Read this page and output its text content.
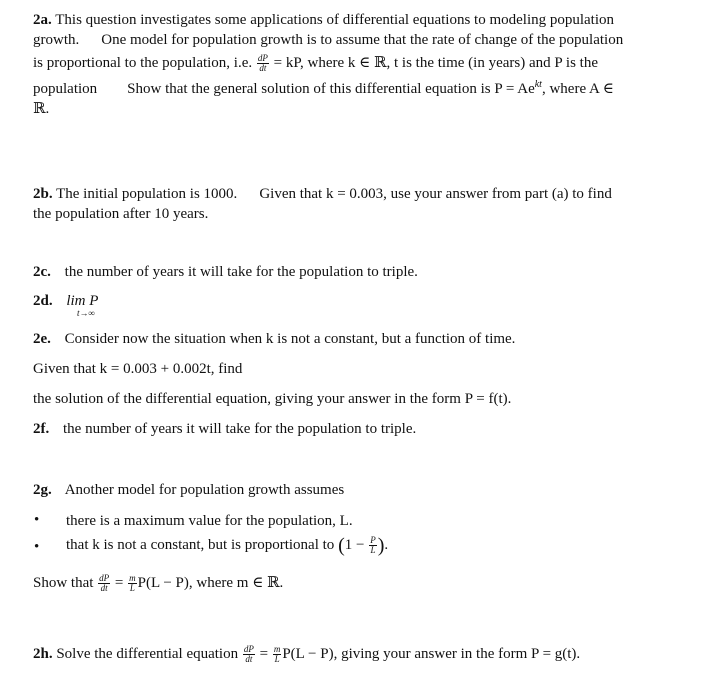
2a. This question investigates some applications of differential equations to modeling population
growth. One model for population growth is to assume that the rate of change of the population
is proportional to the population, i.e. $\frac{dP}{dt}$ = kP, where k ∈ ℝ, t is the time (in years) and P is the
population Show that the general solution of this differential equation is $P = Ae^{kt}$, where A ∈
ℝ.
2b. The initial population is 1000. Given that k = 0.003, use your answer from part (a) to find
the population after 10 years.
2c. the number of years it will take for the population to triple.
2d. lim P
t→∞
2e. Consider now the situation when k is not a constant, but a function of time.
Given that k = 0.003 + 0.002t, find
the solution of the differential equation, giving your answer in the form P = f(t).
2f. the number of years it will take for the population to triple.
2g. Another model for population growth assumes
• there is a maximum value for the population, L.
• that k is not a constant, but is proportional to ($1 - \frac{P}{L}$ ).
Show that $\frac{dP}{dt} = \frac{m}{L} P(L - P)$, where m ∈ ℝ.
2h. Solve the differential equation $\frac{dP}{dt} = \frac{m}{L} P(L - P)$, giving your answer in the form P = g(t).
